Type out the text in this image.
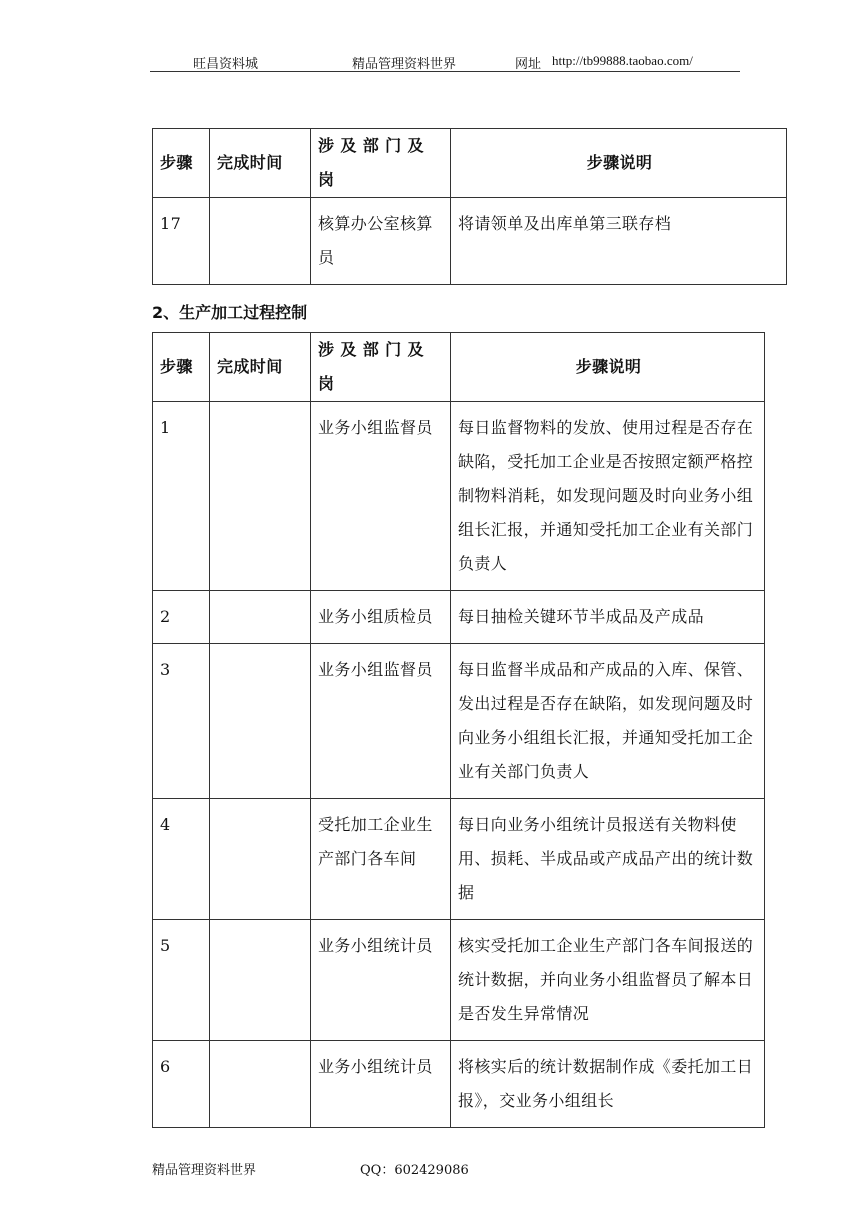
旺昌资料城	精品管理资料世界	网址 http://tb99888.taobao.com/
步骤	完成时间	涉 及 部 门 及 岗	步骤说明
17		核算办公室核算员	将请领单及出库单第三联存档
2、生产加工过程控制
步骤	完成时间	涉 及 部 门 及 岗	步骤说明
1		业务小组监督员	每日监督物料的发放、使用过程是否存在缺陷，受托加工企业是否按照定额严格控制物料消耗，如发现问题及时向业务小组组长汇报，并通知受托加工企业有关部门负责人
2		业务小组质检员	每日抽检关键环节半成品及产成品
3		业务小组监督员	每日监督半成品和产成品的入库、保管、发出过程是否存在缺陷，如发现问题及时向业务小组组长汇报，并通知受托加工企业有关部门负责人
4		受托加工企业生产部门各车间	每日向业务小组统计员报送有关物料使用、损耗、半成品或产成品产出的统计数据
5		业务小组统计员	核实受托加工企业生产部门各车间报送的统计数据，并向业务小组监督员了解本日是否发生异常情况
6		业务小组统计员	将核实后的统计数据制作成《委托加工日报》，交业务小组组长
精品管理资料世界	QQ：602429086
